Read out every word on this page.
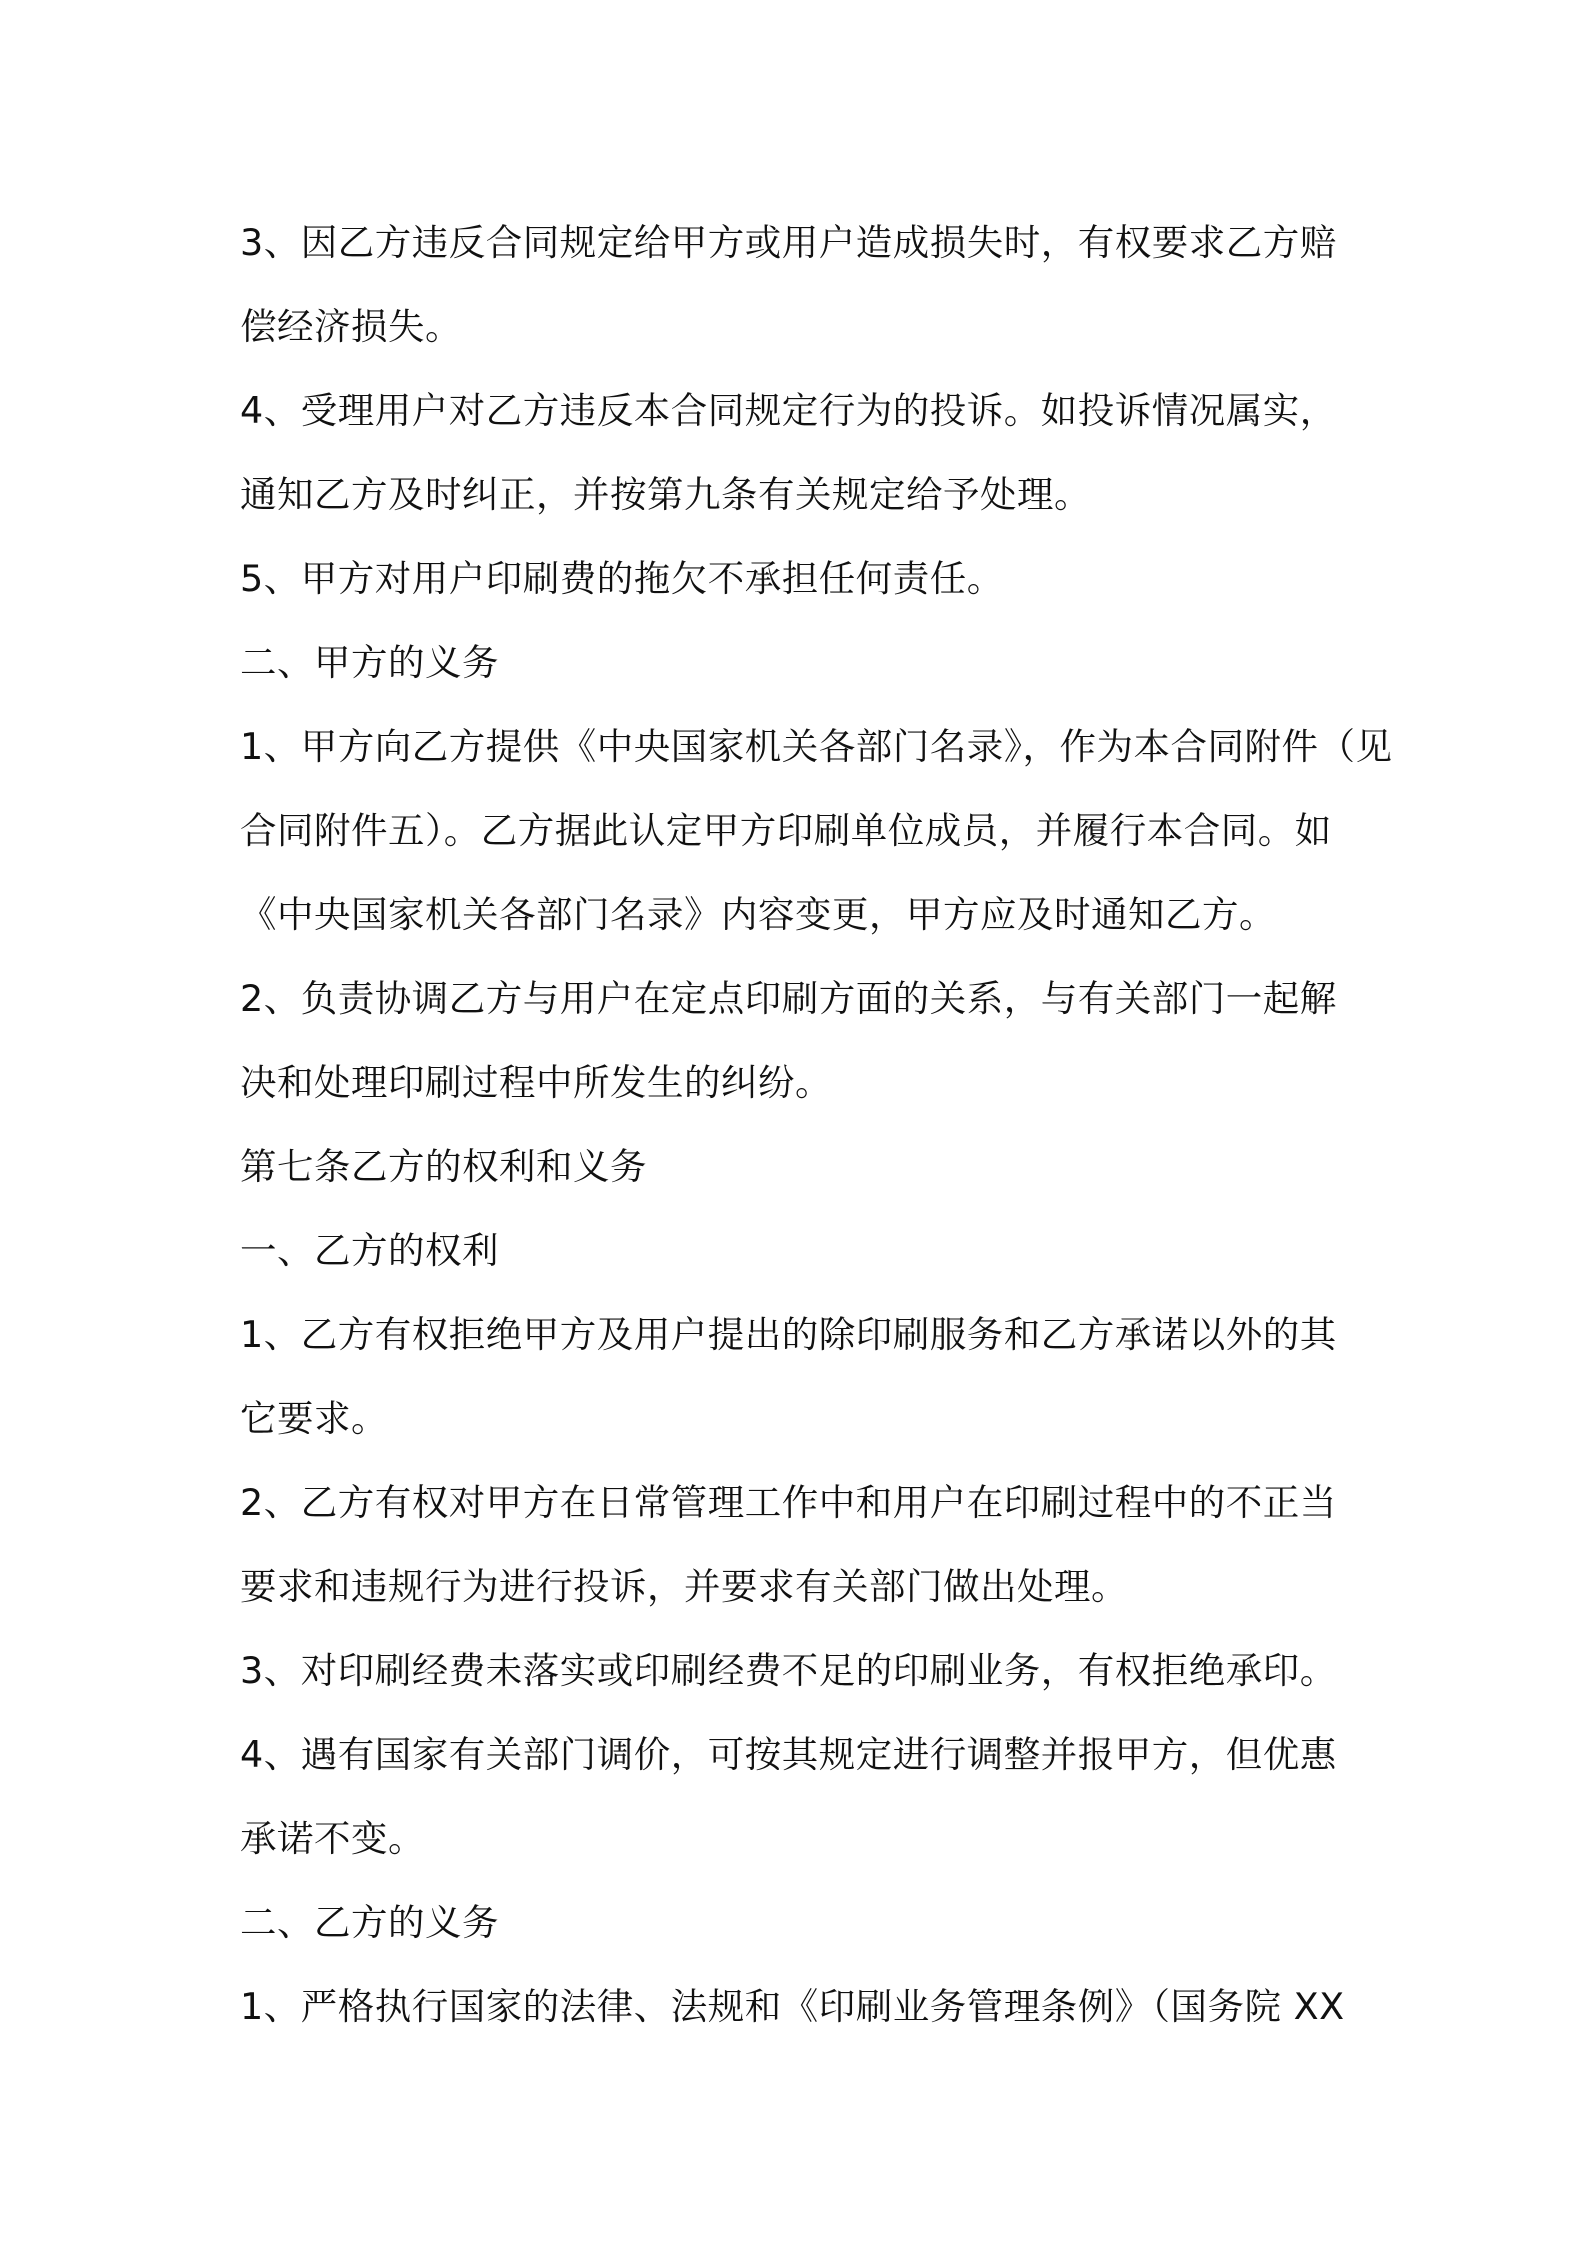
3、因乙方违反合同规定给甲方或用户造成损失时，有权要求乙方赔
偿经济损失。
4、受理用户对乙方违反本合同规定行为的投诉。如投诉情况属实，
通知乙方及时纠正，并按第九条有关规定给予处理。
5、甲方对用户印刷费的拖欠不承担任何责任。
二、甲方的义务
1、甲方向乙方提供《中央国家机关各部门名录》，作为本合同附件（见
合同附件五）。乙方据此认定甲方印刷单位成员，并履行本合同。如
《中央国家机关各部门名录》内容变更，甲方应及时通知乙方。
2、负责协调乙方与用户在定点印刷方面的关系，与有关部门一起解
决和处理印刷过程中所发生的纠纷。
第七条乙方的权利和义务
一、乙方的权利
1、乙方有权拒绝甲方及用户提出的除印刷服务和乙方承诺以外的其
它要求。
2、乙方有权对甲方在日常管理工作中和用户在印刷过程中的不正当
要求和违规行为进行投诉，并要求有关部门做出处理。
3、对印刷经费未落实或印刷经费不足的印刷业务，有权拒绝承印。
4、遇有国家有关部门调价，可按其规定进行调整并报甲方，但优惠
承诺不变。
二、乙方的义务
1、严格执行国家的法律、法规和《印刷业务管理条例》（国务院 XX
